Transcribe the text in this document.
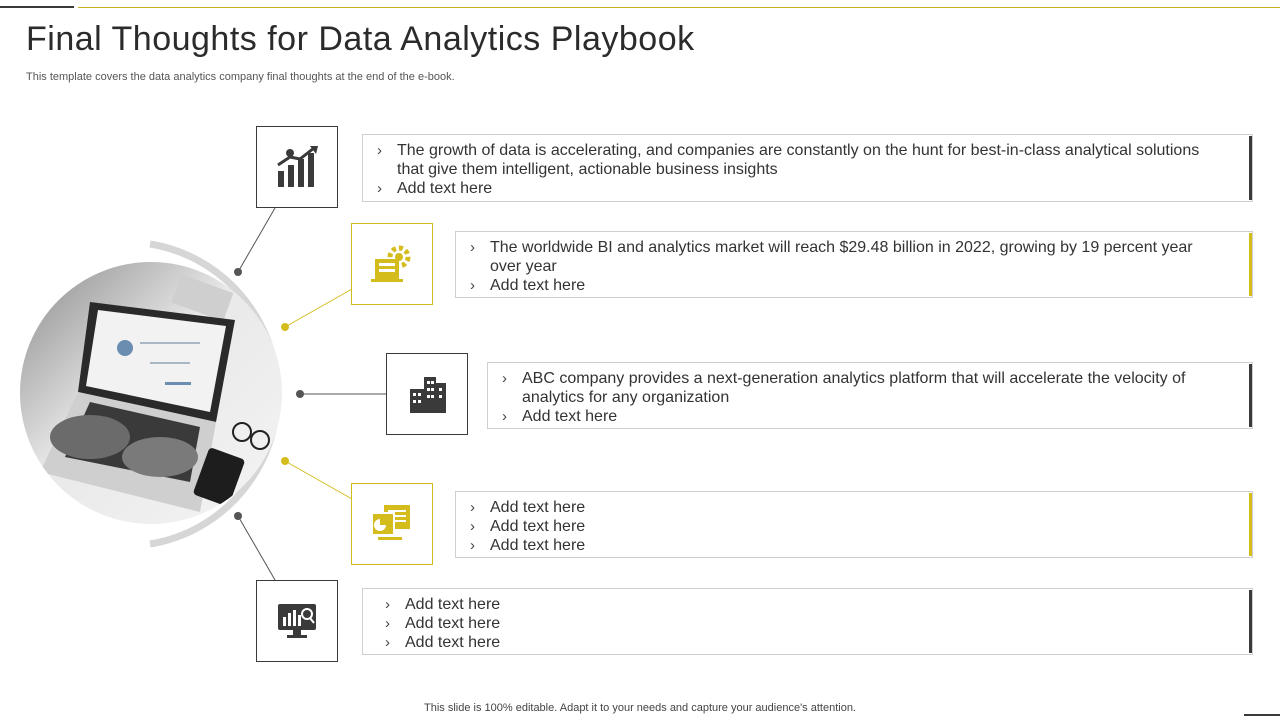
Final Thoughts for Data Analytics Playbook
This template covers the data analytics company final thoughts at the end of the e-book.
› The growth of data is accelerating, and companies are constantly on the hunt for best-in-class analytical solutions that give them intelligent, actionable business insights
› Add text here
› The worldwide BI and analytics market will reach $29.48 billion in 2022, growing by 19 percent year over year
› Add text here
› ABC company provides a next-generation analytics platform that will accelerate the velocity of analytics for any organization
› Add text here
› Add text here
› Add text here
› Add text here
› Add text here
› Add text here
› Add text here
This slide is 100% editable. Adapt it to your needs and capture your audience's attention.
